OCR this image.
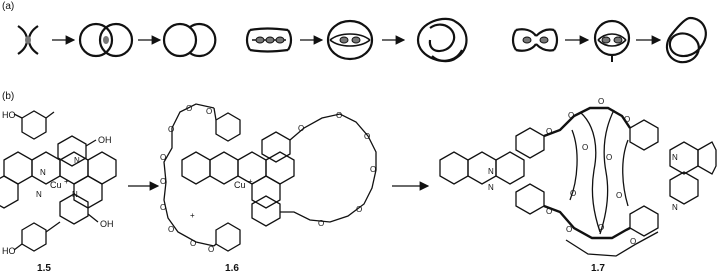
(a)
(b)
HO
OH
OH
HO
N
N
N	N
Cu +
1.5
O
O
O
O
O
O
O
O
O
O
O
O
O
O
O
Cu +
+
1.6
O
O
O
O
O
O
O	O
O
O	O
O
N
N
N
N
1.7
